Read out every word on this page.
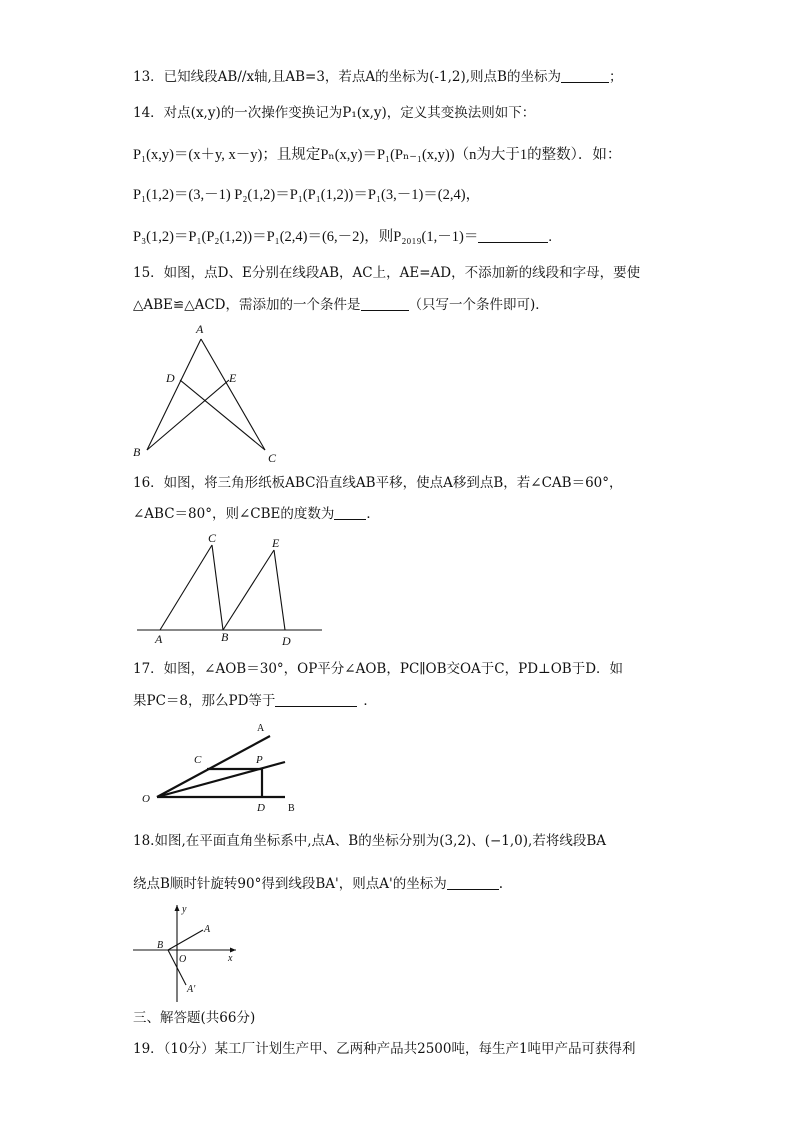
13．已知线段AB//x轴,且AB=3，若点A的坐标为(-1,2),则点B的坐标为	；
14．对点(x,y)的一次操作变换记为P₁(x,y)，定义其变换法则如下：
P₁(x,y)＝(x＋y, x－y)；且规定Pₙ(x,y)＝P₁(Pₙ₋₁(x,y))（n为大于1的整数）．如：
P₁(1,2)＝(3,－1) P₂(1,2)＝P₁(P₁(1,2))＝P₁(3,－1)＝(2,4)，
P₃(1,2)＝P₁(P₂(1,2))＝P₁(2,4)＝(6,－2)，则P₂₀₁₉(1,－1)＝	.
15．如图，点D、E分别在线段AB，AC上，AE=AD，不添加新的线段和字母，要使
△ABE≌△ACD，需添加的一个条件是	（只写一个条件即可)．
A
D	E
B	C
16．如图，将三角形纸板ABC沿直线AB平移，使点A移到点B，若∠CAB＝60°，
∠ABC＝80°，则∠CBE的度数为 ．
C	E
A	B	D
17．如图，∠AOB＝30°，OP平分∠AOB，PC∥OB交OA于C，PD⊥OB于D．如
果PC＝8，那么PD等于	．
A
C	P
O
D B
18.如图,在平面直角坐标系中,点A、B的坐标分别为(3,2)、(−1,0),若将线段BA
绕点B顺时针旋转90°得到线段BA'，则点A'的坐标为	.
y
A
B
O	x
A'
三、解答题(共66分)
19．（10分）某工厂计划生产甲、乙两种产品共2500吨，每生产1吨甲产品可获得利
